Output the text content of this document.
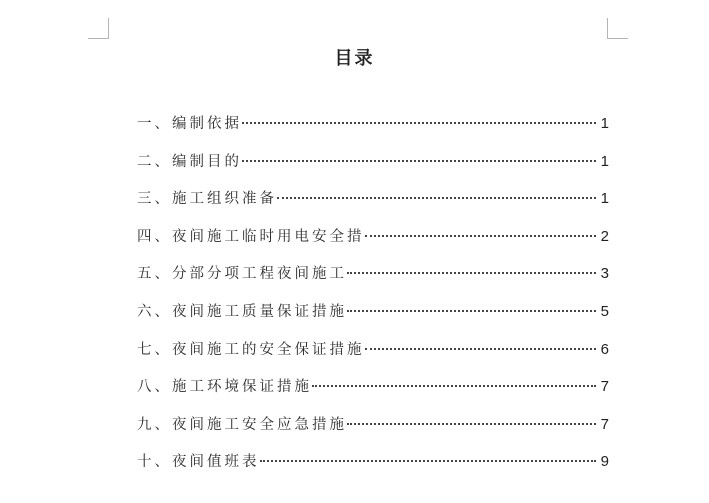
目录
一、编制依据	1
二、编制目的	1
三、施工组织准备	1
四、夜间施工临时用电安全措	2
五、分部分项工程夜间施工	3
六、夜间施工质量保证措施	5
七、夜间施工的安全保证措施	6
八、施工环境保证措施	7
九、夜间施工安全应急措施	7
十、夜间值班表	9
